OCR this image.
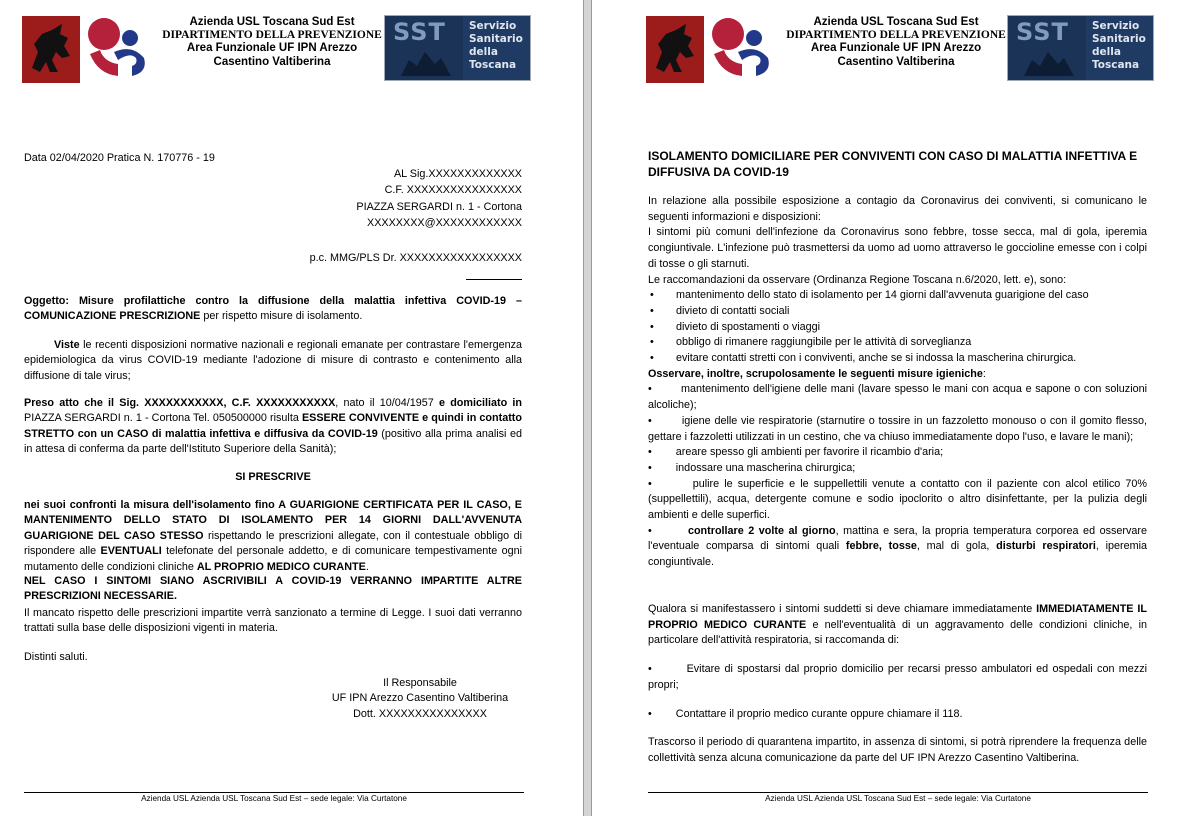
Azienda USL Toscana Sud Est
DIPARTIMENTO DELLA PREVENZIONE
Area Funzionale UF IPN Arezzo
Casentino Valtiberina
SST Servizio
Sanitario
della
Toscana
Data 02/04/2020 Pratica N. 170776 - 19
AL Sig.XXXXXXXXXXXXX
C.F. XXXXXXXXXXXXXXXX
PIAZZA SERGARDI n. 1 - Cortona
XXXXXXXX@XXXXXXXXXXXX
p.c. MMG/PLS Dr. XXXXXXXXXXXXXXXXX
Oggetto: Misure profilattiche contro la diffusione della malattia infettiva COVID-19 – COMUNICAZIONE PRESCRIZIONE per rispetto misure di isolamento.
Viste le recenti disposizioni normative nazionali e regionali emanate per contrastare l'emergenza epidemiologica da virus COVID-19 mediante l'adozione di misure di contrasto e contenimento alla diffusione di tale virus;
Preso atto che il Sig. XXXXXXXXXXX, C.F. XXXXXXXXXXX, nato il 10/04/1957 e domiciliato in PIAZZA SERGARDI n. 1 - Cortona Tel. 050500000 risulta ESSERE CONVIVENTE e quindi in contatto STRETTO con un CASO di malattia infettiva e diffusiva da COVID-19 (positivo alla prima analisi ed in attesa di conferma da parte dell'Istituto Superiore della Sanità);
SI PRESCRIVE
nei suoi confronti la misura dell'isolamento fino A GUARIGIONE CERTIFICATA PER IL CASO, E MANTENIMENTO DELLO STATO DI ISOLAMENTO PER 14 GIORNI DALL'AVVENUTA GUARIGIONE DEL CASO STESSO rispettando le prescrizioni allegate, con il contestuale obbligo di rispondere alle EVENTUALI telefonate del personale addetto, e di comunicare tempestivamente ogni mutamento delle condizioni cliniche AL PROPRIO MEDICO CURANTE.
NEL CASO I SINTOMI SIANO ASCRIVIBILI A COVID-19 VERRANNO IMPARTITE ALTRE PRESCRIZIONI NECESSARIE.
Il mancato rispetto delle prescrizioni impartite verrà sanzionato a termine di Legge. I suoi dati verranno trattati sulla base delle disposizioni vigenti in materia.
Distinti saluti.
Il Responsabile
UF IPN Arezzo Casentino Valtiberina
Dott. XXXXXXXXXXXXXXX
Azienda USL Azienda USL Toscana Sud Est – sede legale: Via Curtatone
Azienda USL Toscana Sud Est
DIPARTIMENTO DELLA PREVENZIONE
Area Funzionale UF IPN Arezzo
Casentino Valtiberina
SST Servizio
Sanitario
della
Toscana
ISOLAMENTO DOMICILIARE PER CONVIVENTI CON CASO DI MALATTIA INFETTIVA E DIFFUSIVA DA COVID-19
In relazione alla possibile esposizione a contagio da Coronavirus dei conviventi, si comunicano le seguenti informazioni e disposizioni:
I sintomi più comuni dell'infezione da Coronavirus sono febbre, tosse secca, mal di gola, iperemia congiuntivale. L'infezione può trasmettersi da uomo ad uomo attraverso le goccioline emesse con i colpi di tosse o gli starnuti.
Le raccomandazioni da osservare (Ordinanza Regione Toscana n.6/2020, lett. e), sono:
• mantenimento dello stato di isolamento per 14 giorni dall'avvenuta guarigione del caso
• divieto di contatti sociali
• divieto di spostamenti o viaggi
• obbligo di rimanere raggiungibile per le attività di sorveglianza
• evitare contatti stretti con i conviventi, anche se si indossa la mascherina chirurgica.
Osservare, inoltre, scrupolosamente le seguenti misure igieniche:
•	mantenimento dell'igiene delle mani (lavare spesso le mani con acqua e sapone o con soluzioni alcoliche);
•	igiene delle vie respiratorie (starnutire o tossire in un fazzoletto monouso o con il gomito flesso, gettare i fazzoletti utilizzati in un cestino, che va chiuso immediatamente dopo l'uso, e lavare le mani);
• areare spesso gli ambienti per favorire il ricambio d'aria;
• indossare una mascherina chirurgica;
•	pulire le superficie e le suppellettili venute a contatto con il paziente con alcol etilico 70% (suppellettili), acqua, detergente comune e sodio ipoclorito o altro disinfettante, per la pulizia degli ambienti e delle superfici.
•	controllare 2 volte al giorno, mattina e sera, la propria temperatura corporea ed osservare l'eventuale comparsa di sintomi quali febbre, tosse, mal di gola, disturbi respiratori, iperemia congiuntivale.
Qualora si manifestassero i sintomi suddetti si deve chiamare immediatamente IMMEDIATAMENTE IL PROPRIO MEDICO CURANTE e nell'eventualità di un aggravamento delle condizioni cliniche, in particolare dell'attività respiratoria, si raccomanda di:
•	Evitare di spostarsi dal proprio domicilio per recarsi presso ambulatori ed ospedali con mezzi propri;
• Contattare il proprio medico curante oppure chiamare il 118.
Trascorso il periodo di quarantena impartito, in assenza di sintomi, si potrà riprendere la frequenza delle collettività senza alcuna comunicazione da parte del UF IPN Arezzo Casentino Valtiberina.
Azienda USL Azienda USL Toscana Sud Est – sede legale: Via Curtatone
